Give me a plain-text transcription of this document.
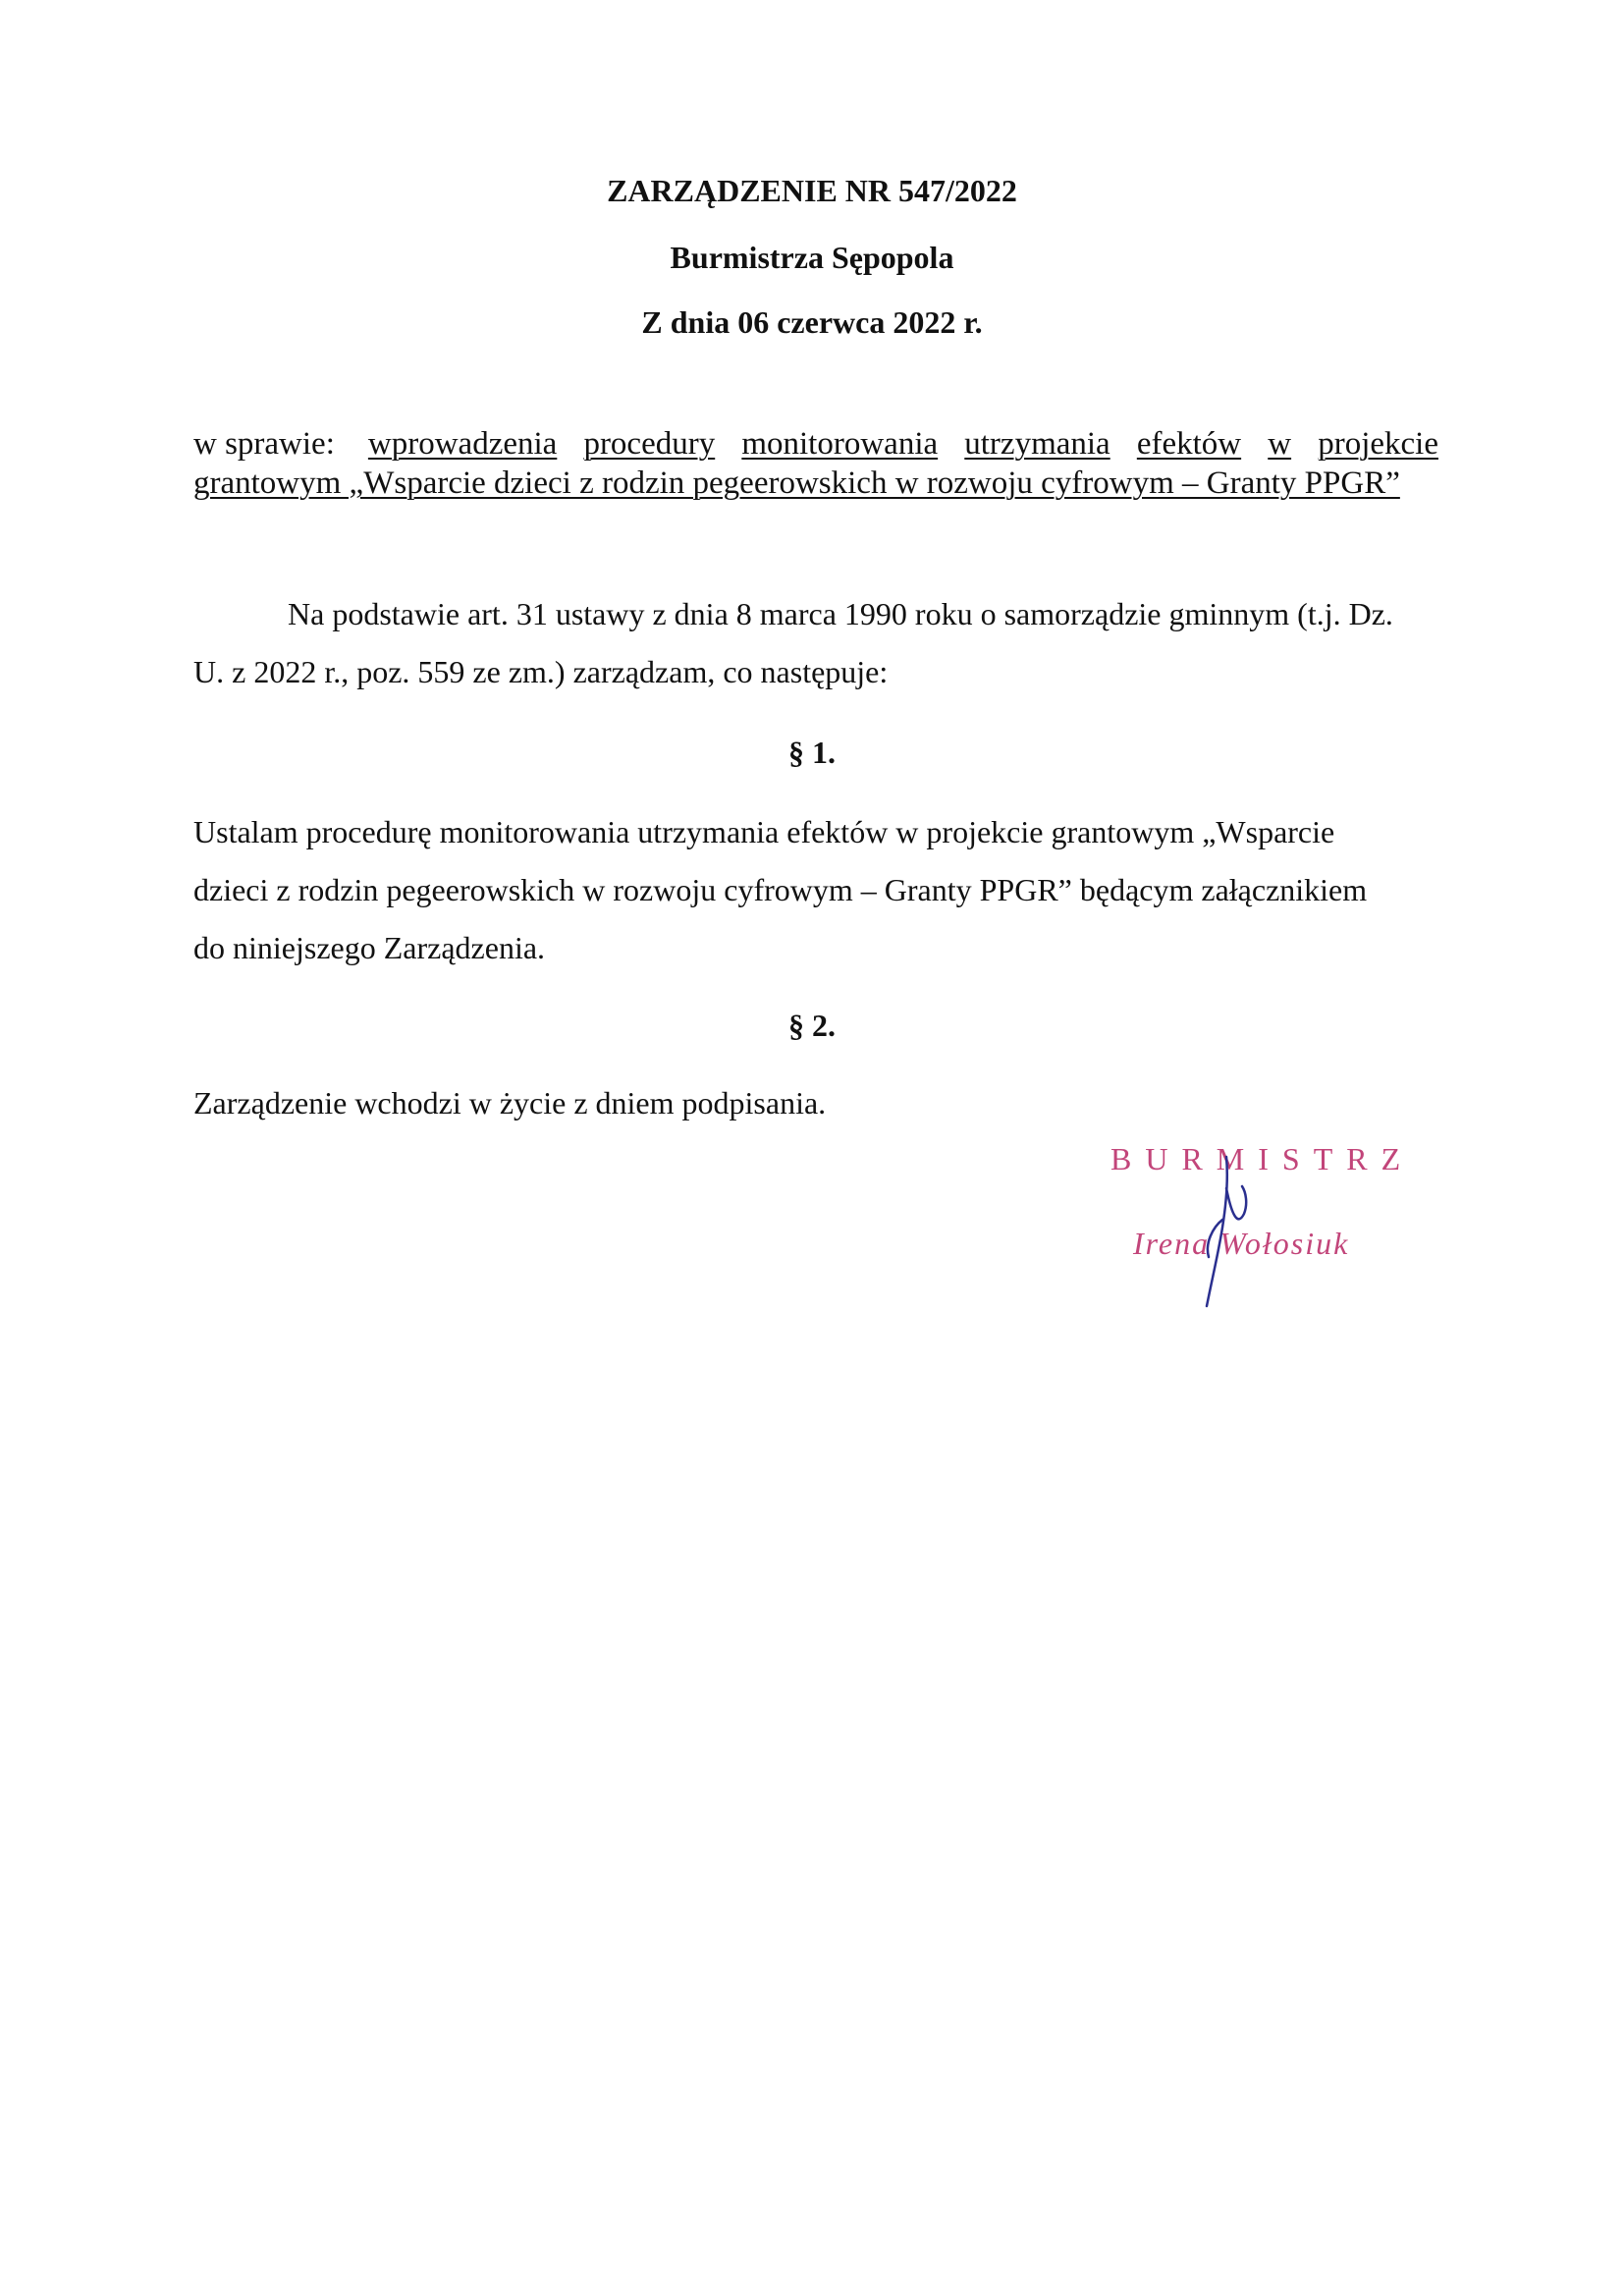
ZARZĄDZENIE NR 547/2022
Burmistrza Sępopola
Z dnia 06 czerwca 2022 r.
w sprawie: wprowadzenia procedury monitorowania utrzymania efektów w projekcie
grantowym „Wsparcie dzieci z rodzin pegeerowskich w rozwoju cyfrowym – Granty PPGR”
Na podstawie art. 31 ustawy z dnia 8 marca 1990 roku o samorządzie gminnym (t.j. Dz.
U. z 2022 r., poz. 559 ze zm.) zarządzam, co następuje:
§ 1.
Ustalam procedurę monitorowania utrzymania efektów w projekcie grantowym „Wsparcie
dzieci z rodzin pegeerowskich w rozwoju cyfrowym – Granty PPGR” będącym załącznikiem
do niniejszego Zarządzenia.
§ 2.
Zarządzenie wchodzi w życie z dniem podpisania.
BURMISTRZ
Irena Wołosiuk
